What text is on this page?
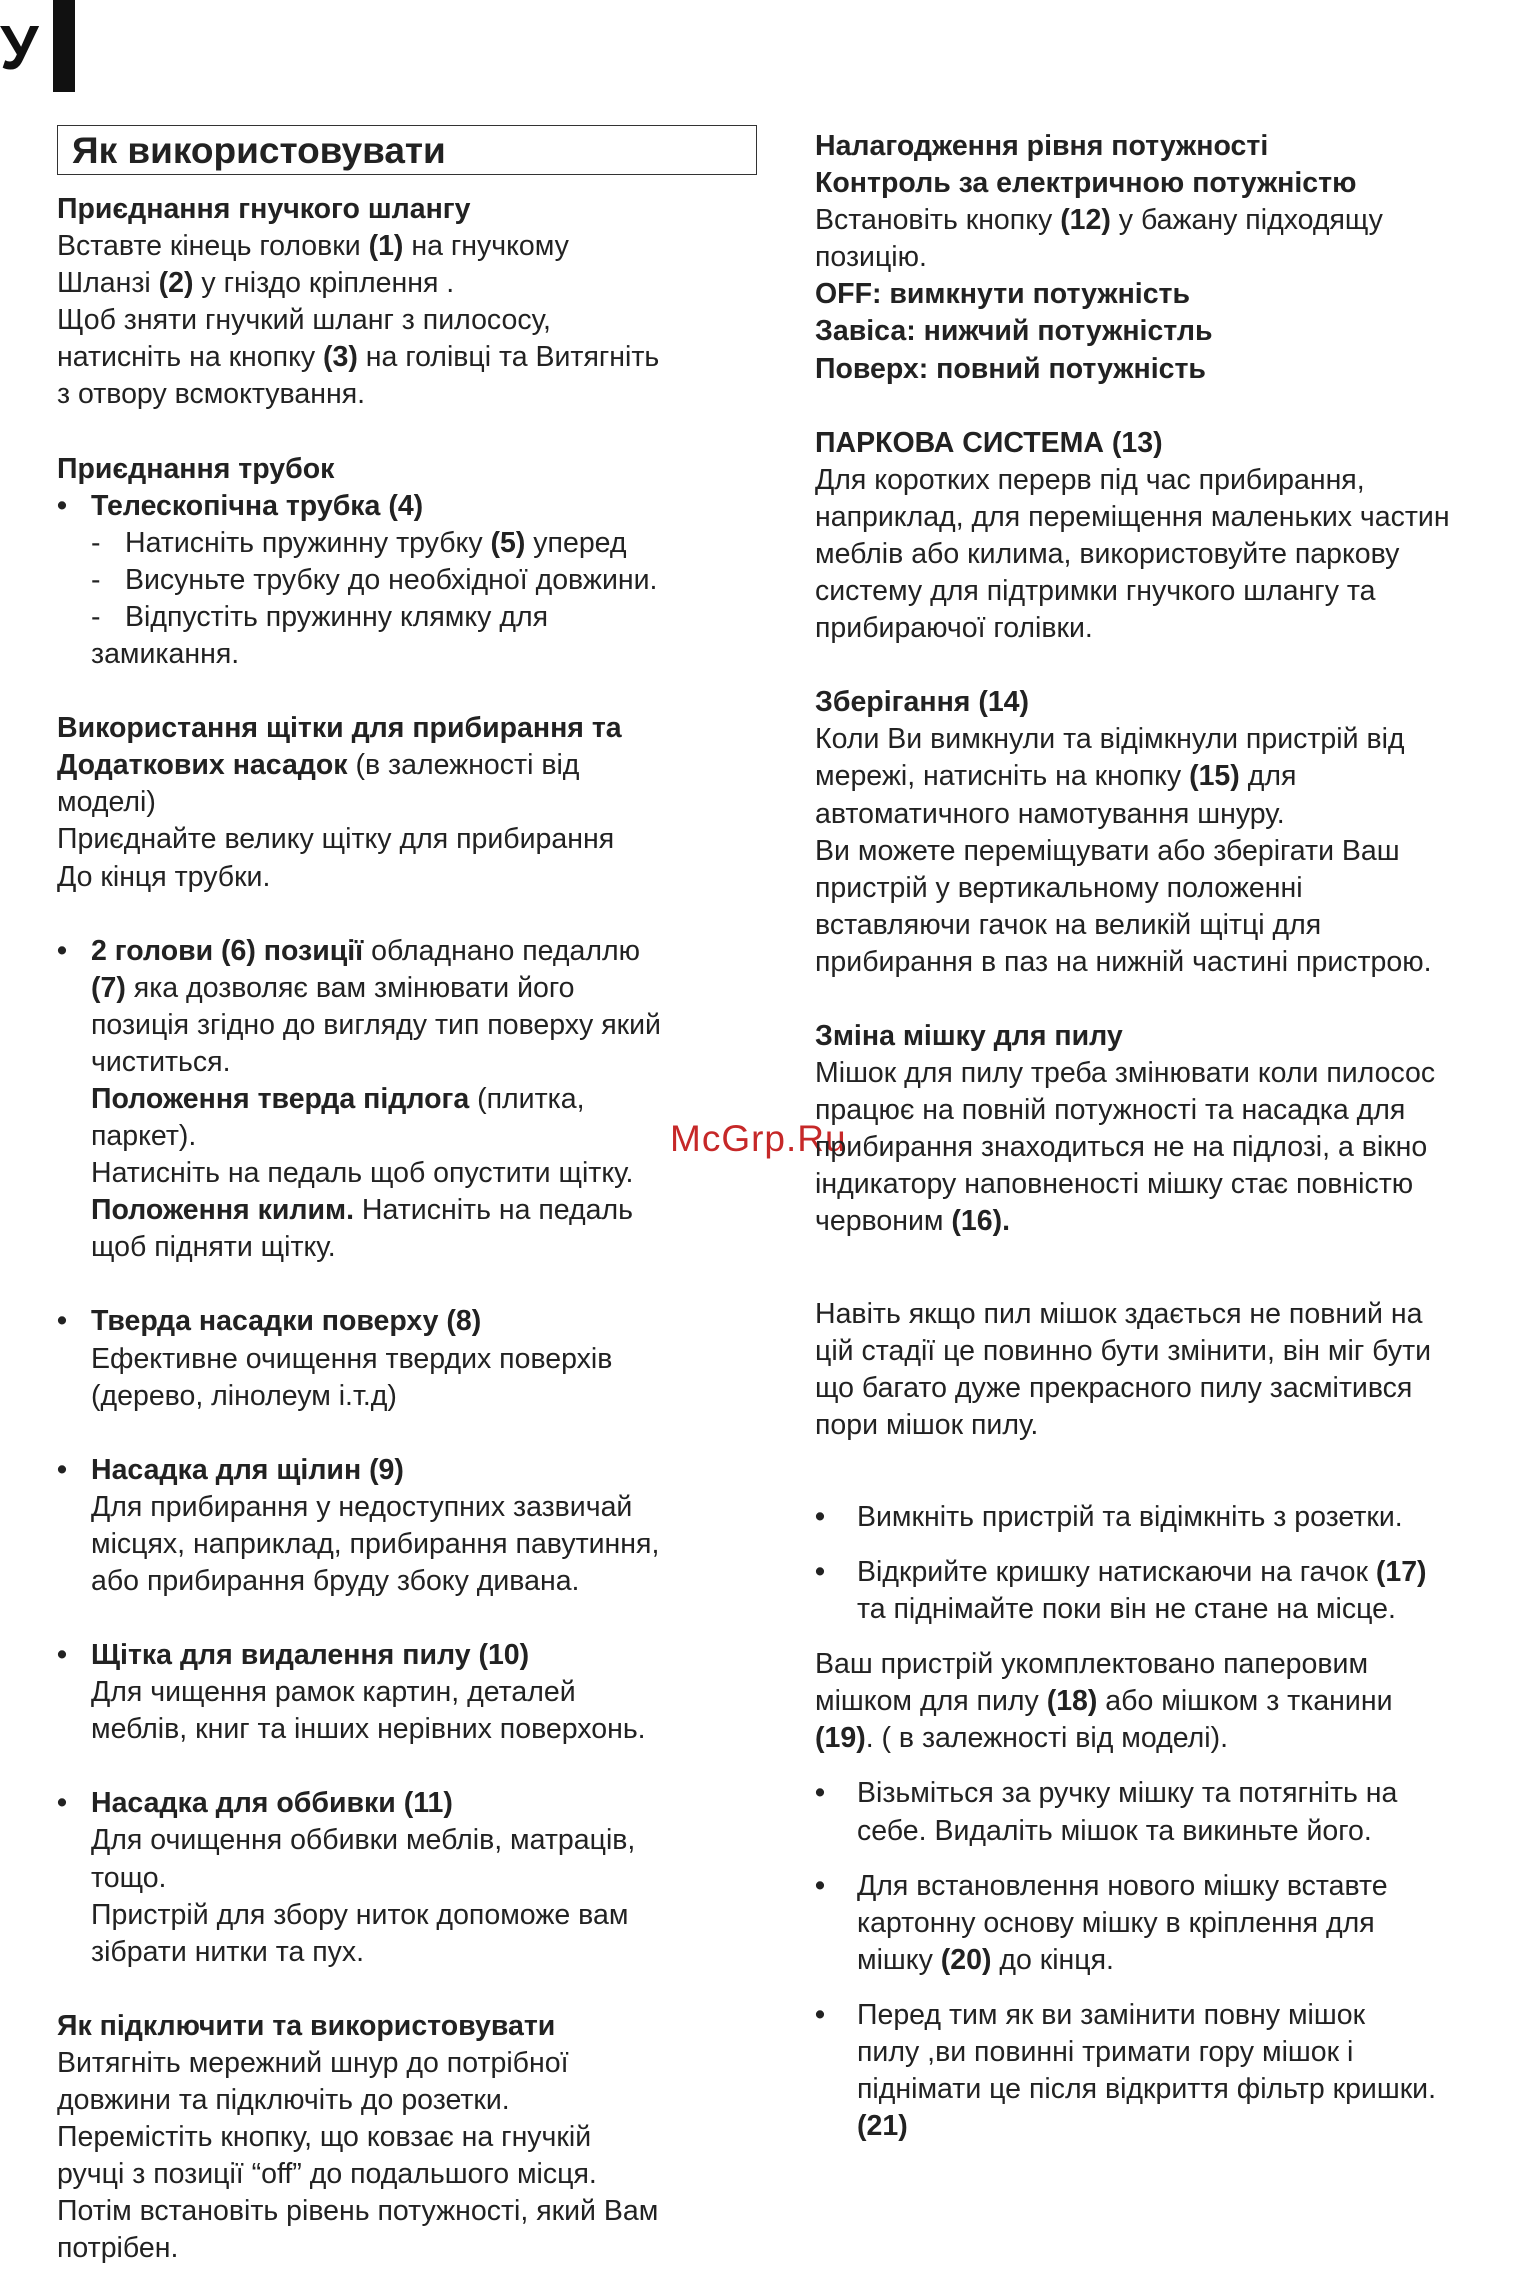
У
McGrp.Ru
Як використовувати

Приєднання гнучкого шлангу

Вставте кінець головки (1) на гнучкому

Шланзі (2) у гніздо кріплення .

Щоб зняти гнучкий шланг з пилососу,

натисніть на кнопку (3) на голівці та Витягніть

з отвору всмоктування.

Приєднання трубок

• Телескопічна трубка (4)

- Натисніть пружинну трубку (5) уперед

- Висуньте трубку до необхідної довжини.

- Відпустіть пружинну клямку для

замикання.

Використання щітки для прибирання та

Додаткових насадок (в залежності від

моделі)

Приєднайте велику щітку для прибирання

До кінця трубки.

• 2 голови (6) позиції обладнано педаллю

(7) яка дозволяє вам змінювати його

позиція згідно до вигляду тип поверху який

чиститься.

Положення тверда підлога (плитка,

паркет).

Натисніть на педаль щоб опустити щітку.

Положення килим. Натисніть на педаль

щоб підняти щітку.

• Тверда насадки поверху (8)

Ефективне очищення твердих поверхів

(дерево, лінолеум і.т.д)

• Насадка для щілин (9)

Для прибирання у недоступних зазвичай

місцях, наприклад, прибирання павутиння,

або прибирання бруду збоку дивана.

• Щітка для видалення пилу (10)

Для чищення рамок картин, деталей

меблів, книг та інших нерівних поверхонь.

• Насадка для оббивки (11)

Для очищення оббивки меблів, матраців,

тощо.

Пристрій для збору ниток допоможе вам

зібрати нитки та пух.

Як підключити та використовувати

Витягніть мережний шнур до потрібної

довжини та підключіть до розетки.

Перемістіть кнопку, що ковзає на гнучкій

ручці з позиції “off” до подальшого місця.

Потім встановіть рівень потужності, який Вам

потрібен.

Налагодження рівня потужності

Контроль за електричною потужністю

Встановіть кнопку (12) у бажану підходящу

позицію.

OFF: вимкнути потужність

Завіса: нижчий потужністль

Поверх: повний потужність

ПАРКОВА СИСТЕМА (13)

Для коротких перерв під час прибирання,

наприклад, для переміщення маленьких частин

меблів або килима, використовуйте паркову

систему для підтримки гнучкого шлангу та

прибираючої голівки.

Зберігання (14)

Коли Ви вимкнули та відімкнули пристрій від

мережі, натисніть на кнопку (15) для

автоматичного намотування шнуру.

Ви можете переміщувати або зберігати Ваш

пристрій у вертикальному положенні

вставляючи гачок на великій щітці для

прибирання в паз на нижній частині пристрою.

Зміна мішку для пилу

Мішок для пилу треба змінювати коли пилосос

працює на повній потужності та насадка для

прибирання знаходиться не на підлозі, а вікно

індикатору наповненості мішку стає повністю

червоним (16).

Навіть якщо пил мішок здається не повний на

цій стадії це повинно бути змінити, він міг бути

що багато дуже прекрасного пилу засмітився

пори мішок пилу.

• Вимкніть пристрій та відімкніть з розетки.

• Відкрийте кришку натискаючи на гачок (17)

та піднімайте поки він не стане на місце.

Ваш пристрій укомплектовано паперовим

мішком для пилу (18) або мішком з тканини

(19). ( в залежності від моделі).

• Візьміться за ручку мішку та потягніть на

себе. Видаліть мішок та викиньте його.

• Для встановлення нового мішку вставте

картонну основу мішку в кріплення для

мішку (20) до кінця.

• Перед тим як ви замінити повну мішок

пилу ,ви повинні тримати гору мішок і

піднімати це після відкриття фільтр кришки.

(21)
